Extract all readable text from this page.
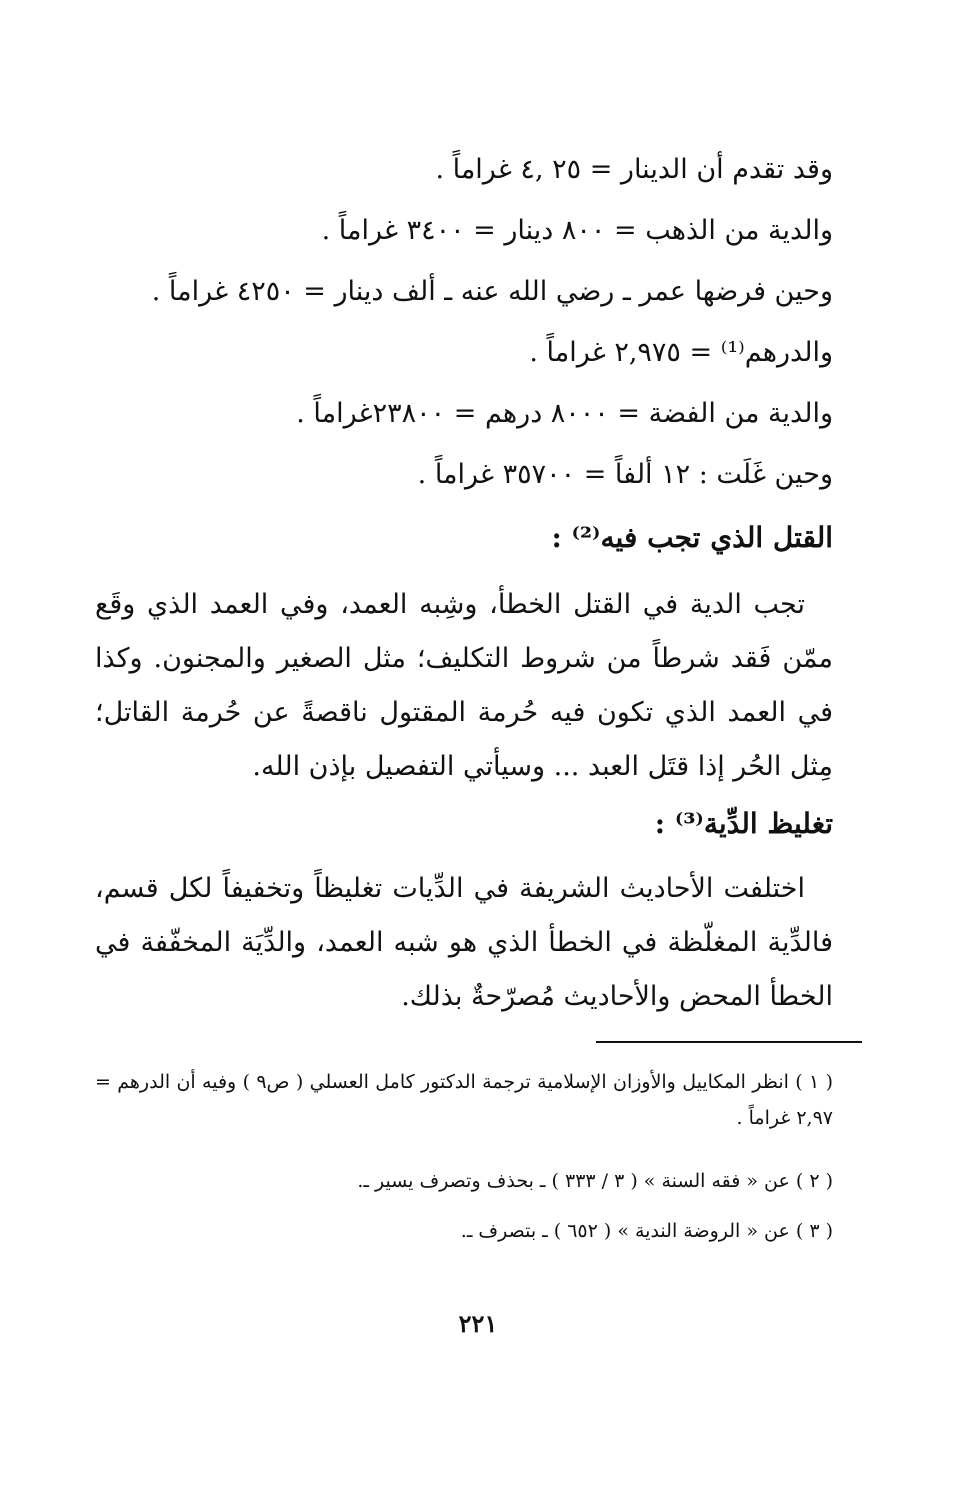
وقد تقدم أن الدينار = ٢٥ ,٤ غراماً .
والدية من الذهب = ٨٠٠ دينار = ٣٤٠٠ غراماً .
وحين فرضها عمر ـ رضي الله عنه ـ ألف دينار = ٤٢٥٠ غراماً .
والدرهم⁽¹⁾ = ٢,٩٧٥ غراماً .
والدية من الفضة = ٨٠٠٠ درهم = ٢٣٨٠٠غراماً .
وحين غَلَت : ١٢ ألفاً = ٣٥٧٠٠ غراماً .
القتل الذي تجب فيه⁽²⁾ :

تجب الدية في القتل الخطأ، وشِبه العمد، وفي العمد الذي وقَع ممّن فَقد شرطاً من شروط التكليف؛ مثل الصغير والمجنون. وكذا في العمد الذي تكون فيه حُرمة المقتول ناقصةً عن حُرمة القاتل؛ مِثل الحُر إذا قتَل العبد ... وسيأتي التفصيل بإذن الله.

تغليظ الدِّية⁽³⁾ :

اختلفت الأحاديث الشريفة في الدِّيات تغليظاً وتخفيفاً لكل قسم، فالدِّية المغلّظة في الخطأ الذي هو شبه العمد، والدِّيَة المخفّفة في الخطأ المحض والأحاديث مُصرّحةٌ بذلك.

( ١ ) انظر المكاييل والأوزان الإسلامية ترجمة الدكتور كامل العسلي ( ص٩ ) وفيه أن الدرهم = ٢,٩٧ غراماً .
( ٢ ) عن « فقه السنة » ( ٣ / ٣٣٣ ) ـ بحذف وتصرف يسير ـ.
( ٣ ) عن « الروضة الندية » ( ٦٥٢ ) ـ بتصرف ـ.
٢٢١
